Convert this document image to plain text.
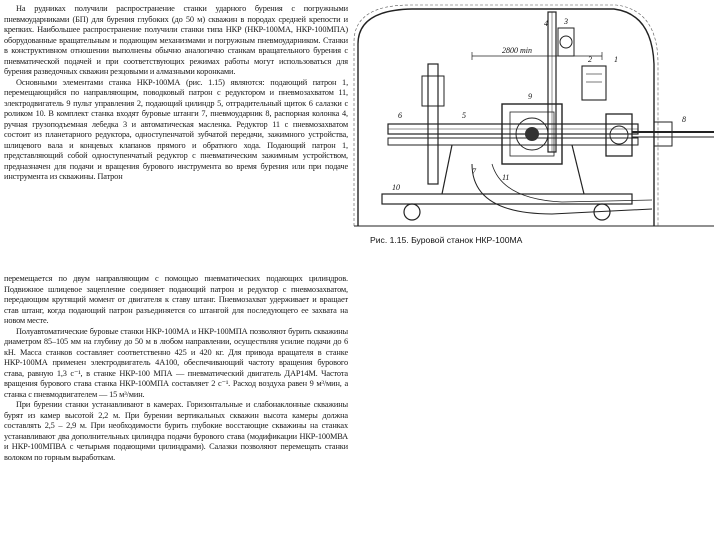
На рудниках получили распространение станки ударного бурения с погружными пневмоударниками (БП) для бурения глубоких (до 50 м) скважин в породах средней крепости и крепких. Наибольшее распространение получили станки типа НКР (НКР-100МА, НКР-100МПА) оборудованные вращательным и подающим механизмами и погружным пневмоударником. Станки в конструктивном отношении выполнены обычно аналогично станкам вращательного бурения с пневматической подачей и при соответствующих режимах работы могут использоваться для бурения разведочных скважин резцовыми и алмазными коронками.

Основными элементами станка НКР-100МА (рис. 1.15) являются: подающий патрон 1, перемещающийся по направляющим, поводковый патрон с редуктором и пневмозахватом 11, электродвигатель 9 пульт управления 2, подающий цилиндр 5, отградительный щиток 6 салазки с роликом 10. В комплект станка входят буровые штанги 7, пневмоударник 8, распорная колонка 4, ручная грузоподъемная лебедка 3 и автоматическая масленка. Редуктор 11 с пневмозахватом состоит из планетарного редуктора, одноступенчатой зубчатой передачи, зажимного устройства, шлицевого вала и концевых клапанов прямого и обратного хода. Подающий патрон 1, представляющий собой одноступенчатый редуктор с пневматическим зажимным устройством, предназначен для подачи и вращения бурового инструмента во время бурения или при подаче инструмента из скважины. Патрон

перемещается по двум направляющим с помощью пневматических подающих цилиндров. Подвижное шлицевое зацепление соединяет подающий патрон и редуктор с пневмозахватом, передающим крутящий момент от двигателя к ставу штанг. Пневмозахват удерживает и вращает став штанг, когда подающий патрон разъединяется со штангой для последующего ее захвата на новом месте.

Полуавтоматические буровые станки НКР-100МА и НКР-100МПА позволяют бурить скважины диаметром 85–105 мм на глубину до 50 м в любом направлении, осуществляя усилие подачи до 6 кН. Масса станков составляет соответственно 425 и 420 кг. Для привода вращателя в станке НКР-100МА применен электродвигатель 4А100, обеспечивающий частоту вращения бурового става, равную 1,3 с⁻¹, в станке НКР-100 МПА — пневматический двигатель ДАР14М. Частота вращения бурового става станка НКР-100МПА составляет 2 с⁻¹. Расход воздуха равен 9 м³/мин, а станка с пневмодвигателем — 15 м³/мин.

При бурении станки устанавливают в камерах. Горизонтальные и слабонаклонные скважины бурят из камер высотой 2,2 м. При бурении вертикальных скважин высота камеры должна составлять 2,5 – 2,9 м. При необходимости бурить глубокие восстающие скважины на станках устанавливают два дополнительных цилиндра подачи бурового става (модификации НКР-100МВА и НКР-100МПВА с четырьмя подающими цилиндрами). Салазки позволяют перемещать станки волоком по горным выработкам.

2800 min
1
2
3
4
5
6
7
8
9
10
11
Рис. 1.15. Буровой станок НКР-100МА
